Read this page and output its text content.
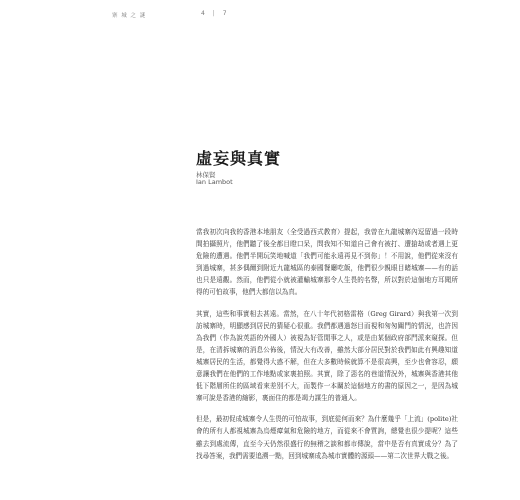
寨 城 之 謎	4 | 7
虛妄與真實
林保賢
Ian Lambot

當我初次向我的香港本地朋友（全受過西式教育）提起，我曾在九龍城寨內逗留過一段時間拍攝照片，他們聽了後全都目瞪口呆，問我知不知道自己會有被打、遭搶劫或者遇上更危險的遭遇。他們半開玩笑地喊道「我們可能永遠再見不到你」！不用說，他們從來沒有到過城寨，甚多偶爾到附近九龍城區的泰國餐廳吃飯，他們很少親眼目睹城寨——有的話也只是遠觀。然而，他們從小就被灌輸城寨那令人生畏的名聲，所以對於這個地方耳聞所得的可怕故事，他們大都信以為真。

其實，這些和事實相去甚遠。當然，在八十年代初格雷格（Greg Girard）與我第一次到訪城寨時，明顯感到居民的猜疑心很重。我們都遇過怒目而視和匆匆關門的情況，也許因為我們（作為說英語的外國人）被視為好管閒事之人，或是由某個政府部門派來窺探。但是，在清拆城寨的消息公佈後，情況大有改善，雖然大部分居民對於我們如此有興趣知道城寨居民的生活，都覺得大惑不解，但在大多數時候就算不是很高興，至少也會容忍，願意讓我們在他們的工作地點或家裏拍照。其實，除了惡名的巷道情況外，城寨與香港其他低下階層所住的區域看來差別不大，而製作一本關於這個地方的書的原因之一，是因為城寨可說是香港的縮影，裏面住的都是竭力謀生的普通人。

但是，最初促成城寨令人生畏的可怕故事，到底從何而來？為什麼幾乎「上流」(polite)社會的所有人都視城寨為烏煙瘴氣和危險的地方，而從來不會質詢，總覺也很少提呢？這些雖去到處流傳，直至今天仍然很盛行的無稽之談和都市傳說，當中是否有真實成分？為了找尋答案，我們需要追溯一點，回到城寨成為城市實體的源頭——第二次世界大戰之後。
